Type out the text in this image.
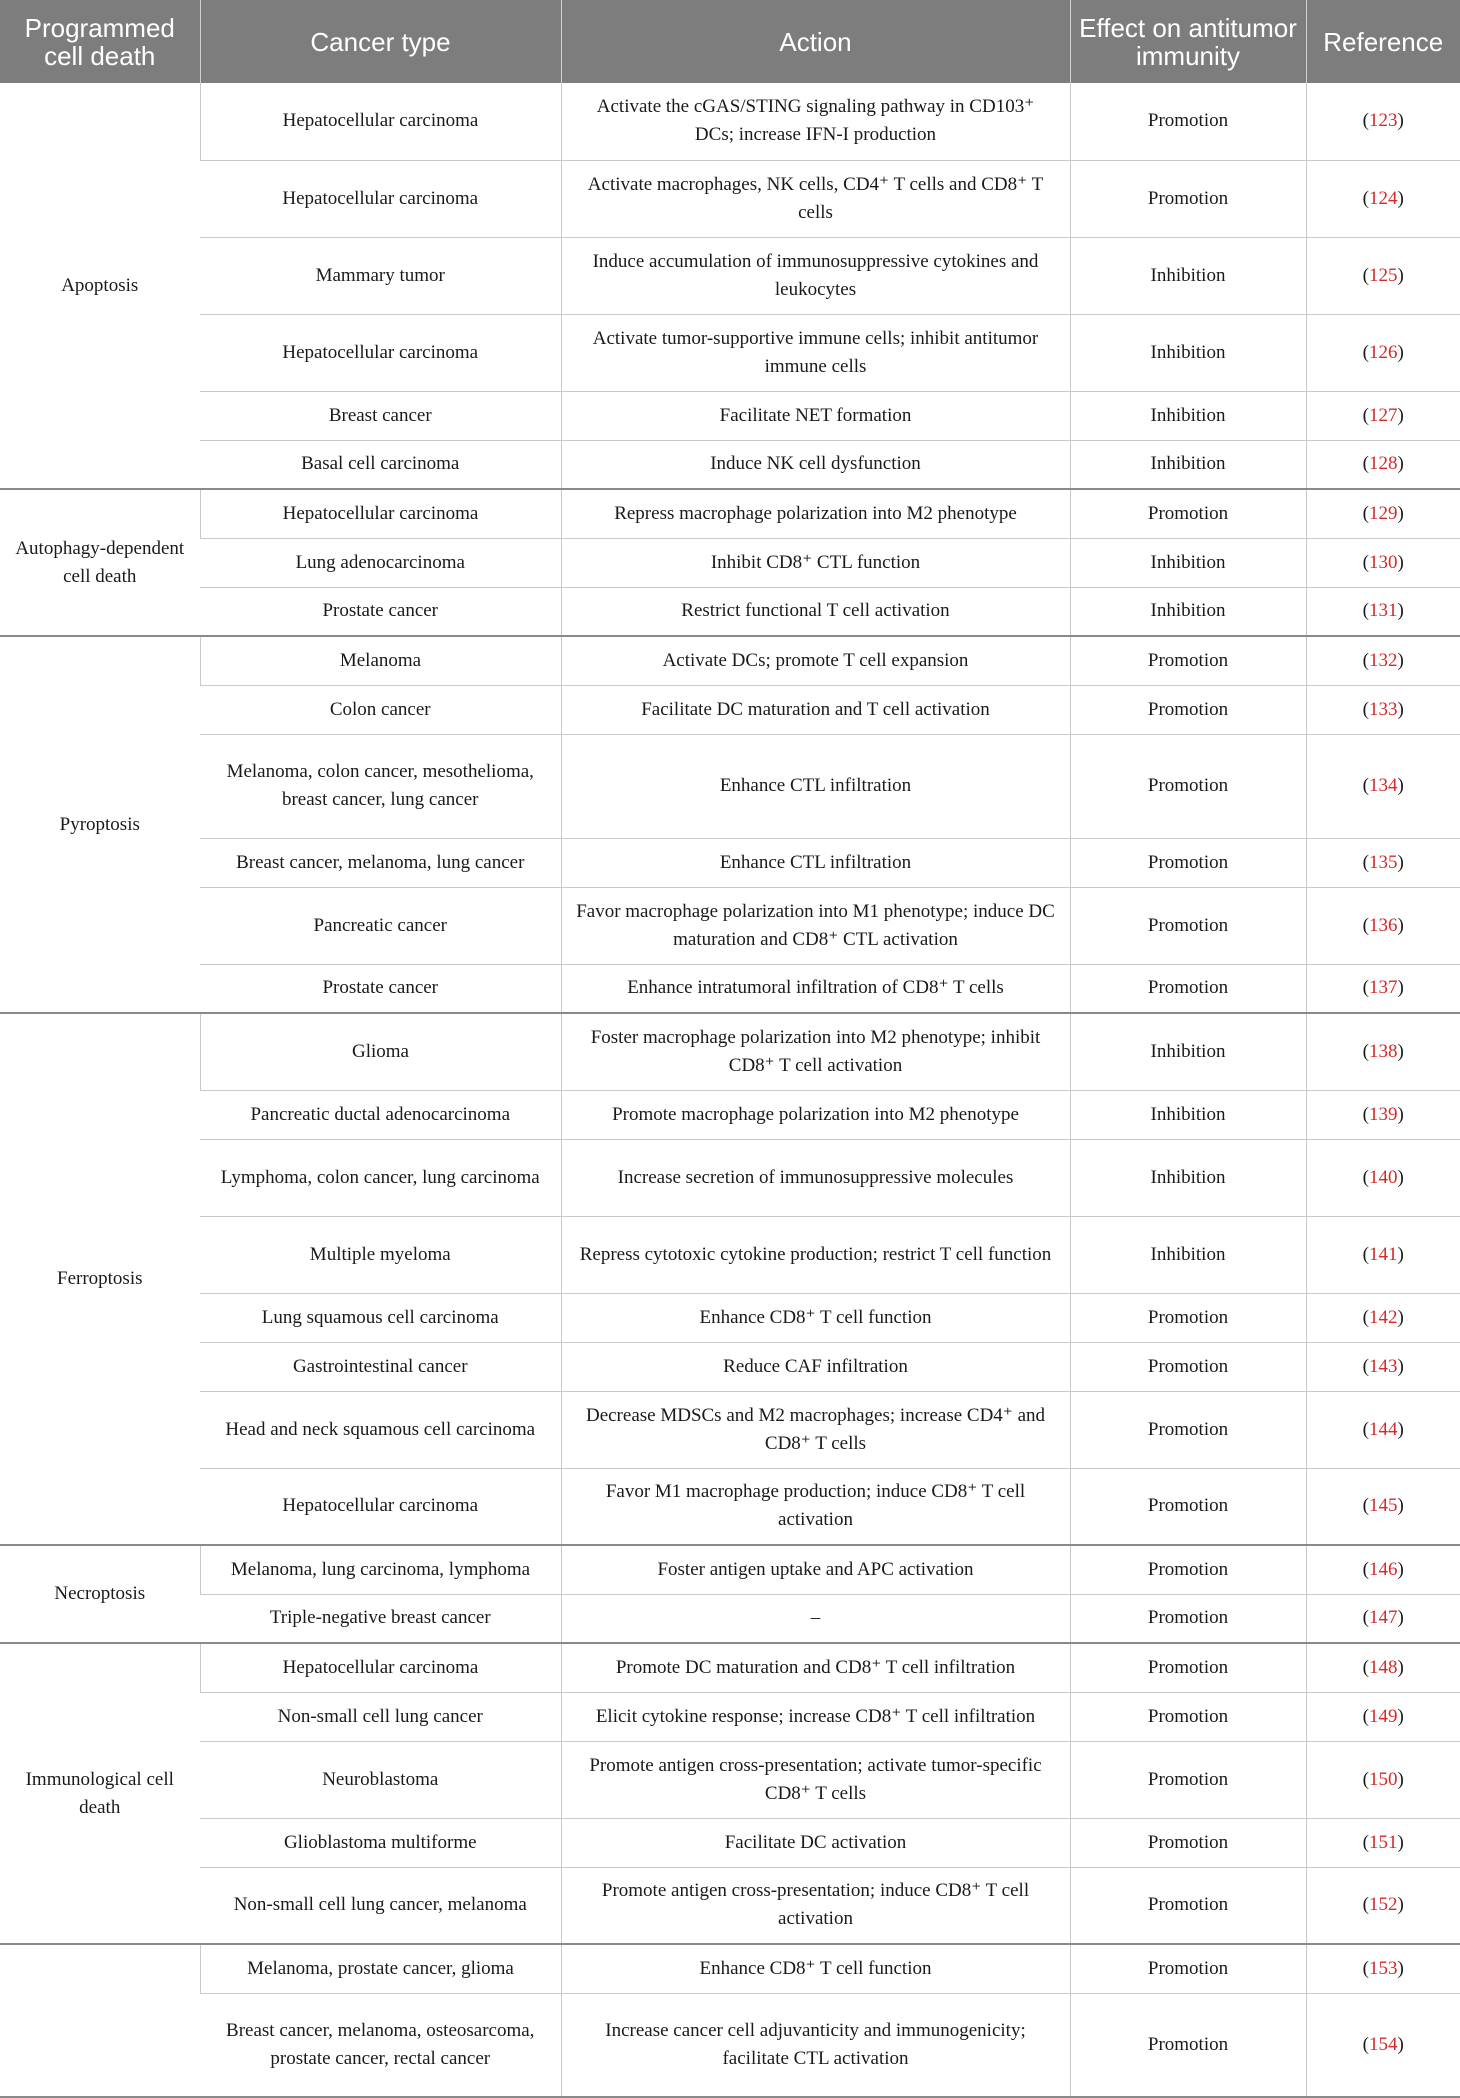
Programmed cell death	Cancer type	Action	Effect on antitumor immunity	Reference
Apoptosis	Hepatocellular carcinoma	Activate the cGAS/STING signaling pathway in CD103⁺ DCs; increase IFN-I production	Promotion	(123)
	Hepatocellular carcinoma	Activate macrophages, NK cells, CD4⁺ T cells and CD8⁺ T cells	Promotion	(124)
	Mammary tumor	Induce accumulation of immunosuppressive cytokines and leukocytes	Inhibition	(125)
	Hepatocellular carcinoma	Activate tumor-supportive immune cells; inhibit antitumor immune cells	Inhibition	(126)
	Breast cancer	Facilitate NET formation	Inhibition	(127)
	Basal cell carcinoma	Induce NK cell dysfunction	Inhibition	(128)
Autophagy-dependent cell death	Hepatocellular carcinoma	Repress macrophage polarization into M2 phenotype	Promotion	(129)
	Lung adenocarcinoma	Inhibit CD8⁺ CTL function	Inhibition	(130)
	Prostate cancer	Restrict functional T cell activation	Inhibition	(131)
Pyroptosis	Melanoma	Activate DCs; promote T cell expansion	Promotion	(132)
	Colon cancer	Facilitate DC maturation and T cell activation	Promotion	(133)
	Melanoma, colon cancer, mesothelioma, breast cancer, lung cancer	Enhance CTL infiltration	Promotion	(134)
	Breast cancer, melanoma, lung cancer	Enhance CTL infiltration	Promotion	(135)
	Pancreatic cancer	Favor macrophage polarization into M1 phenotype; induce DC maturation and CD8⁺ CTL activation	Promotion	(136)
	Prostate cancer	Enhance intratumoral infiltration of CD8⁺ T cells	Promotion	(137)
Ferroptosis	Glioma	Foster macrophage polarization into M2 phenotype; inhibit CD8⁺ T cell activation	Inhibition	(138)
	Pancreatic ductal adenocarcinoma	Promote macrophage polarization into M2 phenotype	Inhibition	(139)
	Lymphoma, colon cancer, lung carcinoma	Increase secretion of immunosuppressive molecules	Inhibition	(140)
	Multiple myeloma	Repress cytotoxic cytokine production; restrict T cell function	Inhibition	(141)
	Lung squamous cell carcinoma	Enhance CD8⁺ T cell function	Promotion	(142)
	Gastrointestinal cancer	Reduce CAF infiltration	Promotion	(143)
	Head and neck squamous cell carcinoma	Decrease MDSCs and M2 macrophages; increase CD4⁺ and CD8⁺ T cells	Promotion	(144)
	Hepatocellular carcinoma	Favor M1 macrophage production; induce CD8⁺ T cell activation	Promotion	(145)
Necroptosis	Melanoma, lung carcinoma, lymphoma	Foster antigen uptake and APC activation	Promotion	(146)
	Triple-negative breast cancer	–	Promotion	(147)
Immunological cell death	Hepatocellular carcinoma	Promote DC maturation and CD8⁺ T cell infiltration	Promotion	(148)
	Non-small cell lung cancer	Elicit cytokine response; increase CD8⁺ T cell infiltration	Promotion	(149)
	Neuroblastoma	Promote antigen cross-presentation; activate tumor-specific CD8⁺ T cells	Promotion	(150)
	Glioblastoma multiforme	Facilitate DC activation	Promotion	(151)
	Non-small cell lung cancer, melanoma	Promote antigen cross-presentation; induce CD8⁺ T cell activation	Promotion	(152)
	Melanoma, prostate cancer, glioma	Enhance CD8⁺ T cell function	Promotion	(153)
	Breast cancer, melanoma, osteosarcoma, prostate cancer, rectal cancer	Increase cancer cell adjuvanticity and immunogenicity; facilitate CTL activation	Promotion	(154)
